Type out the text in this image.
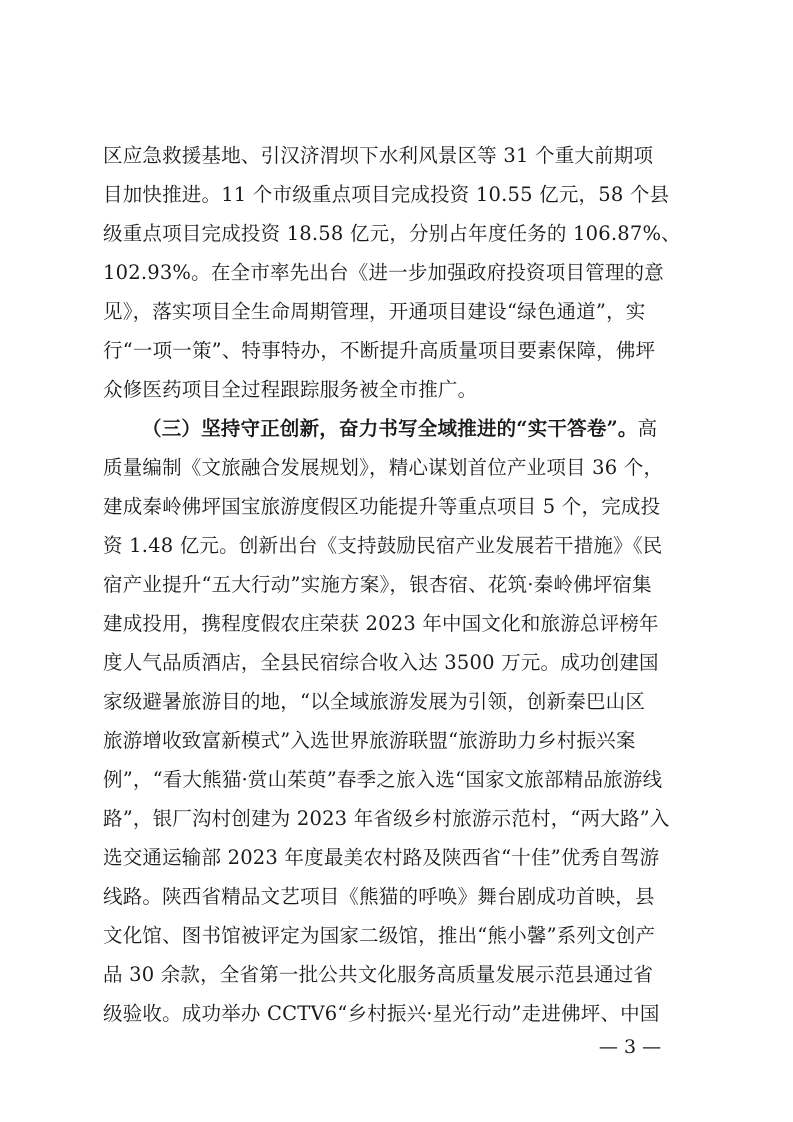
区应急救援基地、引汉济渭坝下水利风景区等 31 个重大前期项
目加快推进。11 个市级重点项目完成投资 10.55 亿元，58 个县
级重点项目完成投资 18.58 亿元，分别占年度任务的 106.87%、
102.93%。在全市率先出台《进一步加强政府投资项目管理的意
见》，落实项目全生命周期管理，开通项目建设“绿色通道”，实
行“一项一策”、特事特办，不断提升高质量项目要素保障，佛坪
众修医药项目全过程跟踪服务被全市推广。
（三）坚持守正创新，奋力书写全域推进的“实干答卷”。高
质量编制《文旅融合发展规划》，精心谋划首位产业项目 36 个，
建成秦岭佛坪国宝旅游度假区功能提升等重点项目 5 个，完成投
资 1.48 亿元。创新出台《支持鼓励民宿产业发展若干措施》《民
宿产业提升“五大行动”实施方案》，银杏宿、花筑·秦岭佛坪宿集
建成投用，携程度假农庄荣获 2023 年中国文化和旅游总评榜年
度人气品质酒店，全县民宿综合收入达 3500 万元。成功创建国
家级避暑旅游目的地，“以全域旅游发展为引领，创新秦巴山区
旅游增收致富新模式”入选世界旅游联盟“旅游助力乡村振兴案
例”，“看大熊猫·赏山茱萸”春季之旅入选“国家文旅部精品旅游线
路”，银厂沟村创建为 2023 年省级乡村旅游示范村，“两大路”入
选交通运输部 2023 年度最美农村路及陕西省“十佳”优秀自驾游
线路。陕西省精品文艺项目《熊猫的呼唤》舞台剧成功首映，县
文化馆、图书馆被评定为国家二级馆，推出“熊小馨”系列文创产
品 30 余款，全省第一批公共文化服务高质量发展示范县通过省
级验收。成功举办 CCTV6“乡村振兴·星光行动”走进佛坪、中国
— 3 —
